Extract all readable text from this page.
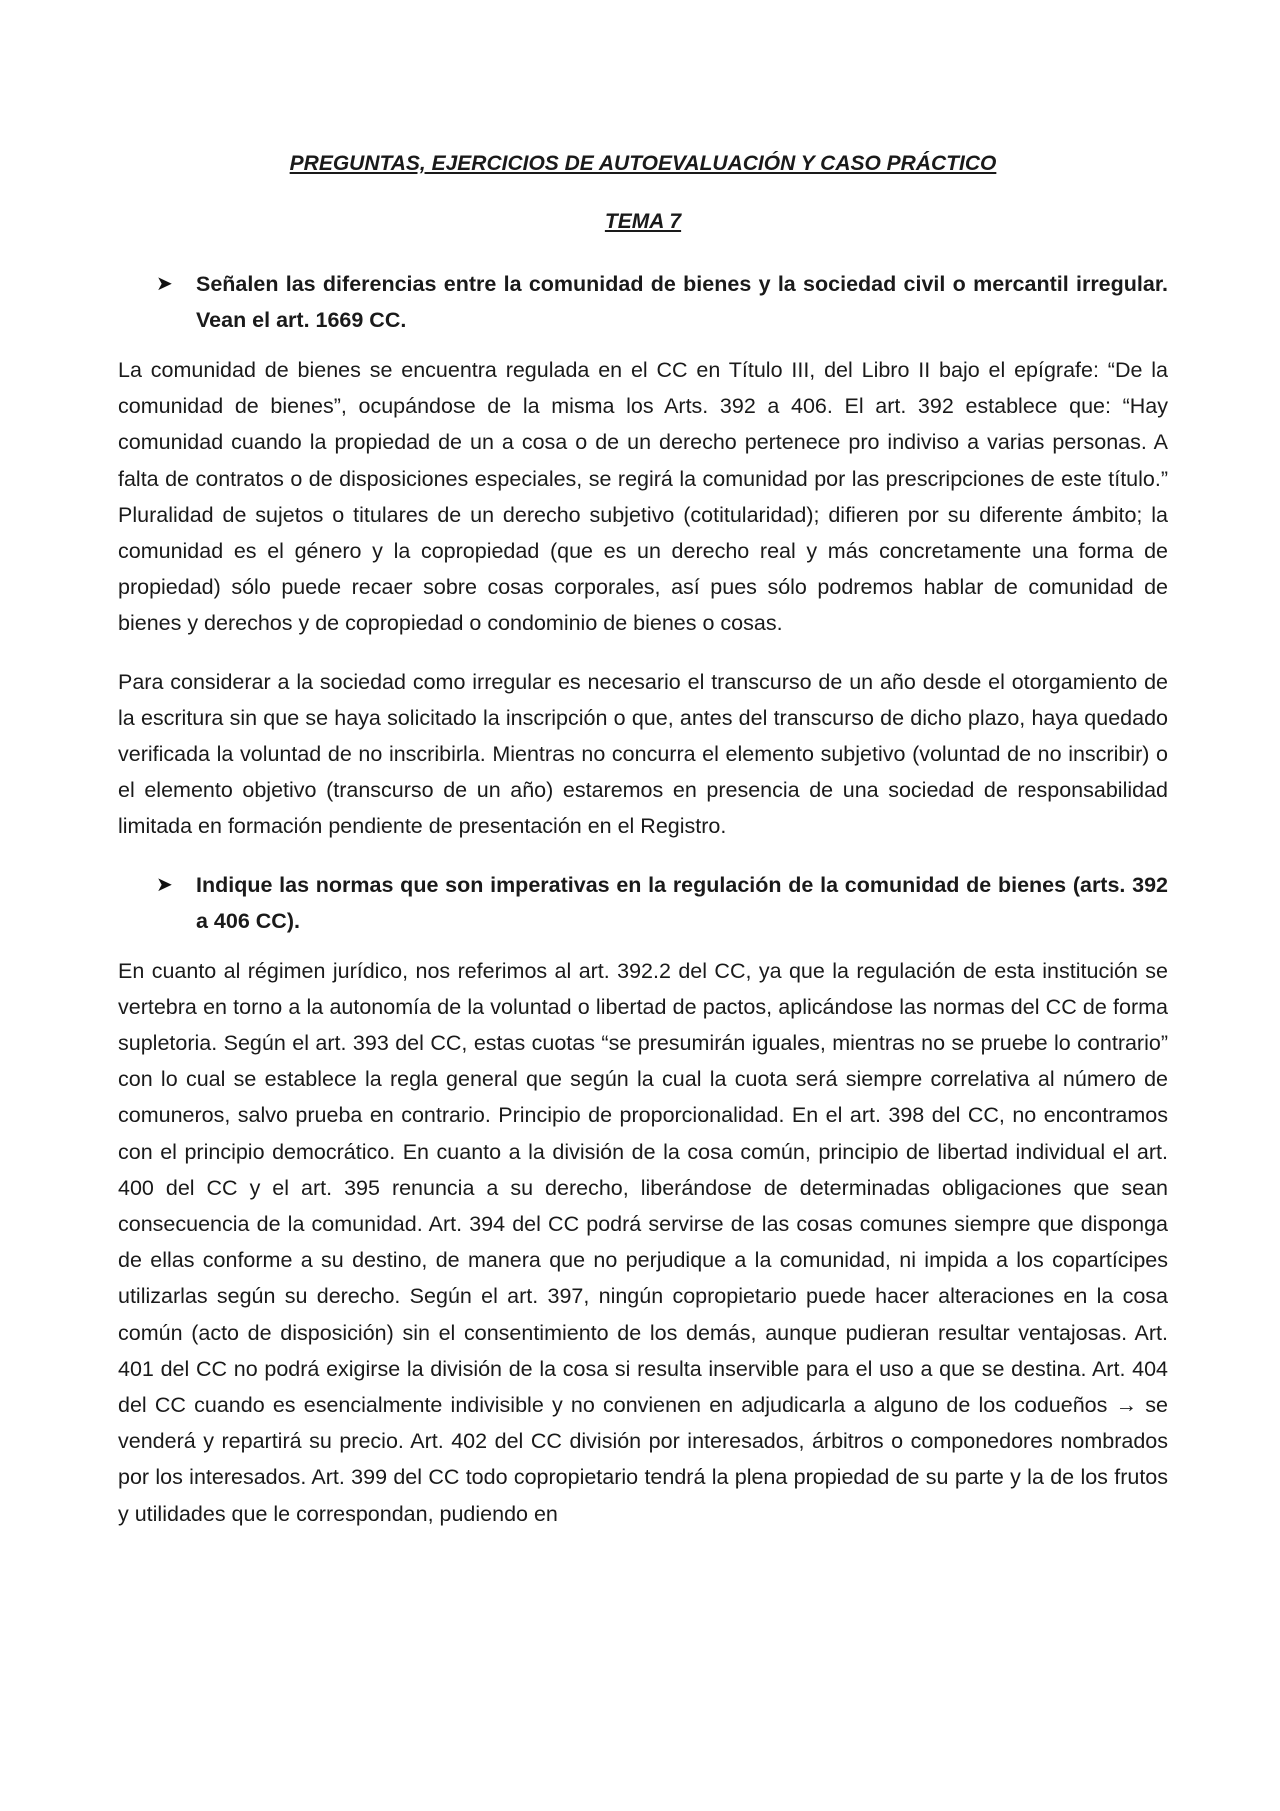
PREGUNTAS, EJERCICIOS DE AUTOEVALUACIÓN Y CASO PRÁCTICO

TEMA 7

➤	Señalen las diferencias entre la comunidad de bienes y la sociedad civil o mercantil irregular. Vean el art. 1669 CC.

La comunidad de bienes se encuentra regulada en el CC en Título III, del Libro II bajo el epígrafe: “De la comunidad de bienes”, ocupándose de la misma los Arts. 392 a 406. El art. 392 establece que: “Hay comunidad cuando la propiedad de un a cosa o de un derecho pertenece pro indiviso a varias personas. A falta de contratos o de disposiciones especiales, se regirá la comunidad por las prescripciones de este título.” Pluralidad de sujetos o titulares de un derecho subjetivo (cotitularidad); difieren por su diferente ámbito; la comunidad es el género y la copropiedad (que es un derecho real y más concretamente una forma de propiedad) sólo puede recaer sobre cosas corporales, así pues sólo podremos hablar de comunidad de bienes y derechos y de copropiedad o condominio de bienes o cosas.

Para considerar a la sociedad como irregular es necesario el transcurso de un año desde el otorgamiento de la escritura sin que se haya solicitado la inscripción o que, antes del transcurso de dicho plazo, haya quedado verificada la voluntad de no inscribirla. Mientras no concurra el elemento subjetivo (voluntad de no inscribir) o el elemento objetivo (transcurso de un año) estaremos en presencia de una sociedad de responsabilidad limitada en formación pendiente de presentación en el Registro.

➤	Indique las normas que son imperativas en la regulación de la comunidad de bienes (arts. 392 a 406 CC).

En cuanto al régimen jurídico, nos referimos al art. 392.2 del CC, ya que la regulación de esta institución se vertebra en torno a la autonomía de la voluntad o libertad de pactos, aplicándose las normas del CC de forma supletoria. Según el art. 393 del CC, estas cuotas “se presumirán iguales, mientras no se pruebe lo contrario” con lo cual se establece la regla general que según la cual la cuota será siempre correlativa al número de comuneros, salvo prueba en contrario. Principio de proporcionalidad. En el art. 398 del CC, no encontramos con el principio democrático. En cuanto a la división de la cosa común, principio de libertad individual el art. 400 del CC y el art. 395 renuncia a su derecho, liberándose de determinadas obligaciones que sean consecuencia de la comunidad. Art. 394 del CC podrá servirse de las cosas comunes siempre que disponga de ellas conforme a su destino, de manera que no perjudique a la comunidad, ni impida a los copartícipes utilizarlas según su derecho. Según el art. 397, ningún copropietario puede hacer alteraciones en la cosa común (acto de disposición) sin el consentimiento de los demás, aunque pudieran resultar ventajosas. Art. 401 del CC no podrá exigirse la división de la cosa si resulta inservible para el uso a que se destina. Art. 404 del CC cuando es esencialmente indivisible y no convienen en adjudicarla a alguno de los codueños → se venderá y repartirá su precio. Art. 402 del CC división por interesados, árbitros o componedores nombrados por los interesados. Art. 399 del CC todo copropietario tendrá la plena propiedad de su parte y la de los frutos y utilidades que le correspondan, pudiendo en
